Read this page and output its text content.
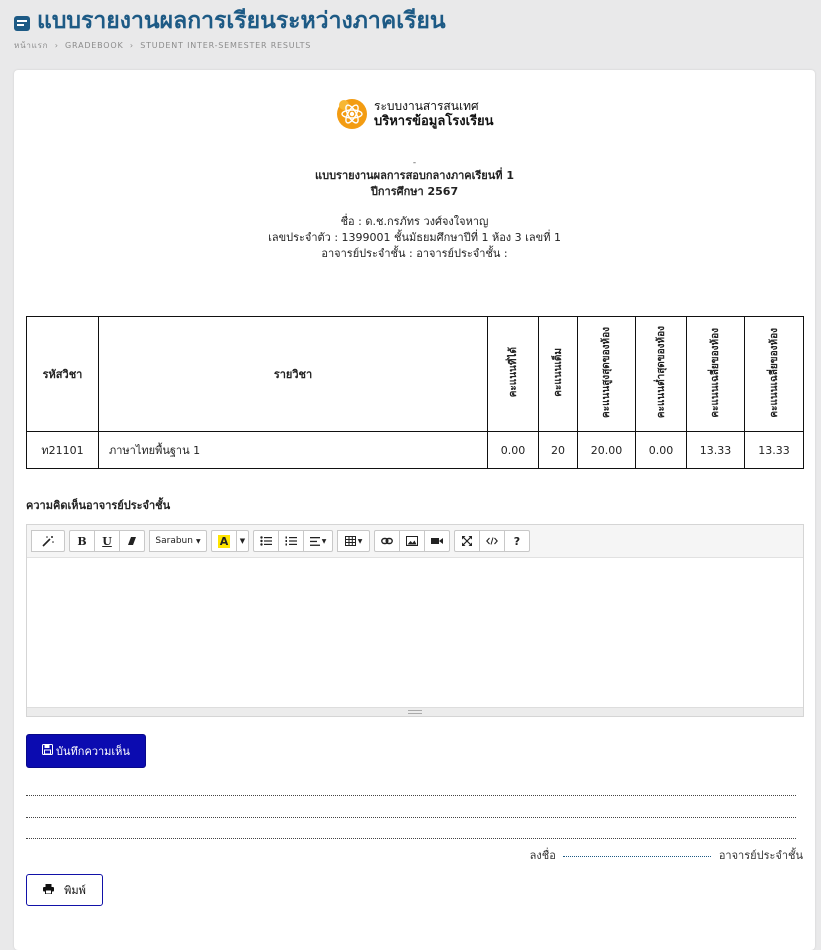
แบบรายงานผลการเรียนระหว่างภาคเรียน
หน้าแรก › GRADEBOOK › STUDENT INTER-SEMESTER RESULTS
ระบบงานสารสนเทศ
บริหารข้อมูลโรงเรียน
-
แบบรายงานผลการสอบกลางภาคเรียนที่ 1
ปีการศึกษา 2567
ชื่อ : ด.ช.กรภัทร วงศ์จงใจหาญ
เลขประจำตัว : 1399001 ชั้นมัธยมศึกษาปีที่ 1 ห้อง 3 เลขที่ 1
อาจารย์ประจำชั้น : อาจารย์ประจำชั้น :
รหัสวิชา	รายวิชา	คะแนนที่ได้	คะแนนเต็ม	คะแนนสูงสุดของห้อง	คะแนนต่ำสุดของห้อง	คะแนนเฉลี่ยของห้อง	คะแนนเฉลี่ยของห้อง
ท21101	ภาษาไทยพื้นฐาน 1	0.00	20	20.00	0.00	13.33	13.33
ความคิดเห็นอาจารย์ประจำชั้น
B	U	Sarabun ▼ A ▼	▼	▼	?
บันทึกความเห็น
ลงชื่อ	อาจารย์ประจำชั้น
พิมพ์
